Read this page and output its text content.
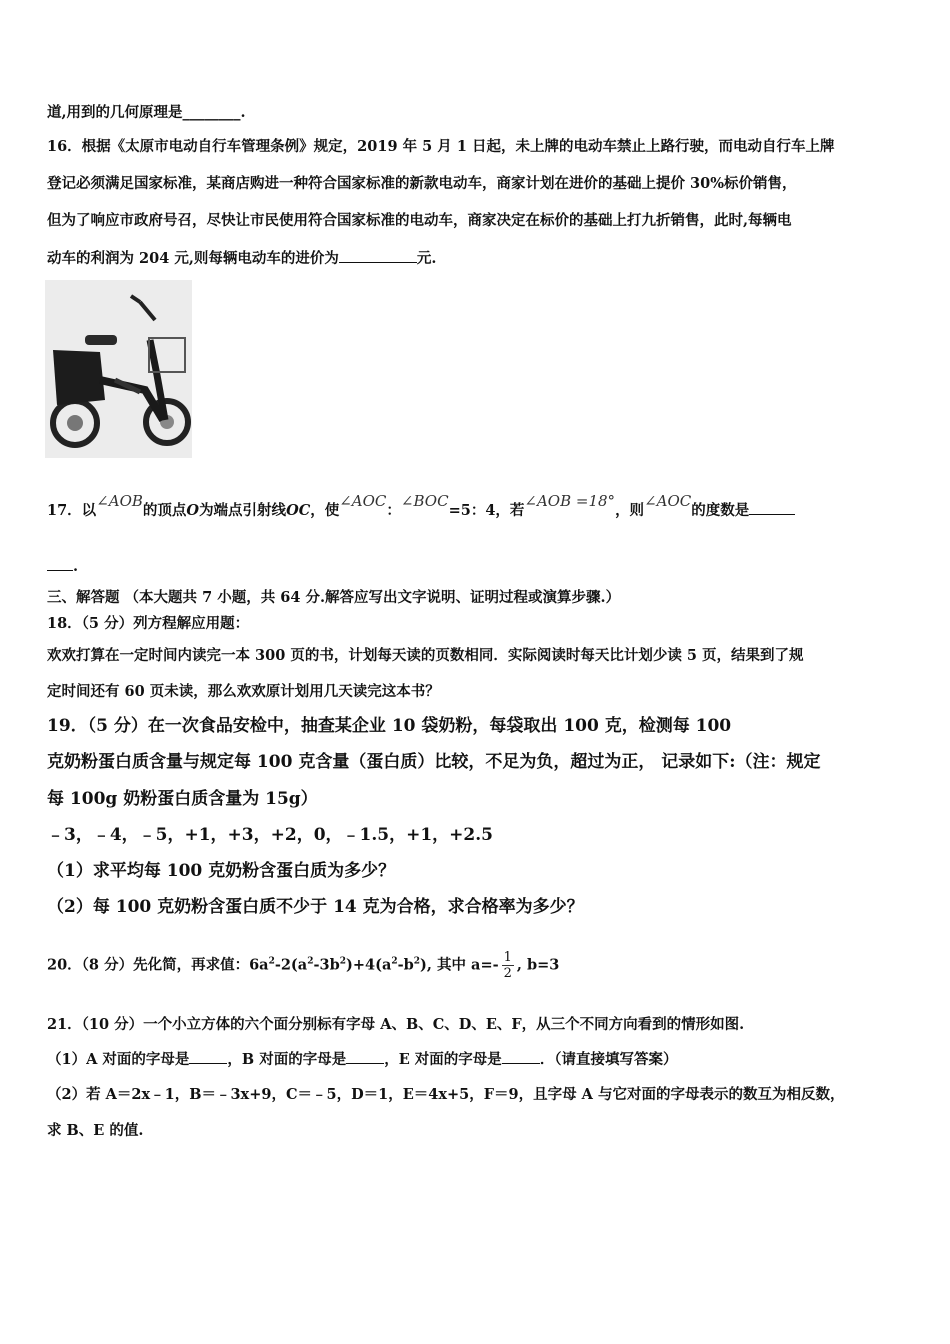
道,用到的几何原理是________.
16．根据《太原市电动自行车管理条例》规定，2019 年 5 月 1 日起，未上牌的电动车禁止上路行驶，而电动自行车上牌
登记必须满足国家标准，某商店购进一种符合国家标准的新款电动车，商家计划在进价的基础上提价 30%标价销售，
但为了响应市政府号召，尽快让市民使用符合国家标准的电动车，商家决定在标价的基础上打九折销售，此时,每辆电
动车的利润为 204 元,则每辆电动车的进价为	元.
17．以∠AOB的顶点O为端点引射线OC，使∠AOC：∠BOC=5：4，若∠AOB =18°，则∠AOC的度数是
.
三、解答题 （本大题共 7 小题，共 64 分.解答应写出文字说明、证明过程或演算步骤.）
18．（5 分）列方程解应用题：
欢欢打算在一定时间内读完一本 300 页的书，计划每天读的页数相同．实际阅读时每天比计划少读 5 页，结果到了规
定时间还有 60 页未读，那么欢欢原计划用几天读完这本书？
19．（5 分）在一次食品安检中，抽查某企业 10 袋奶粉，每袋取出 100 克，检测每 100
克奶粉蛋白质含量与规定每 100 克含量（蛋白质）比较，不足为负，超过为正， 记录如下:（注：规定
每 100g 奶粉蛋白质含量为 15g）
﹣3，﹣4，﹣5，+1，+3，+2，0，﹣1.5，+1，+2.5
（1）求平均每 100 克奶粉含蛋白质为多少？
（2）每 100 克奶粉含蛋白质不少于 14 克为合格，求合格率为多少？
20．（8 分）先化简，再求值：$6a^2-2(a^2-3b^2)+4(a^2-b^2)$, 其中 $a=- \frac{1}{2}$ , b=3
21．（10 分）一个小立方体的六个面分别标有字母 A、B、C、D、E、F，从三个不同方向看到的情形如图.
（1）A 对面的字母是	，B 对面的字母是	，E 对面的字母是	．（请直接填写答案）
（2）若 A＝2x﹣1，B＝﹣3x+9，C＝﹣5，D＝1，E＝4x+5，F＝9，且字母 A 与它对面的字母表示的数互为相反数，
求 B、E 的值.
